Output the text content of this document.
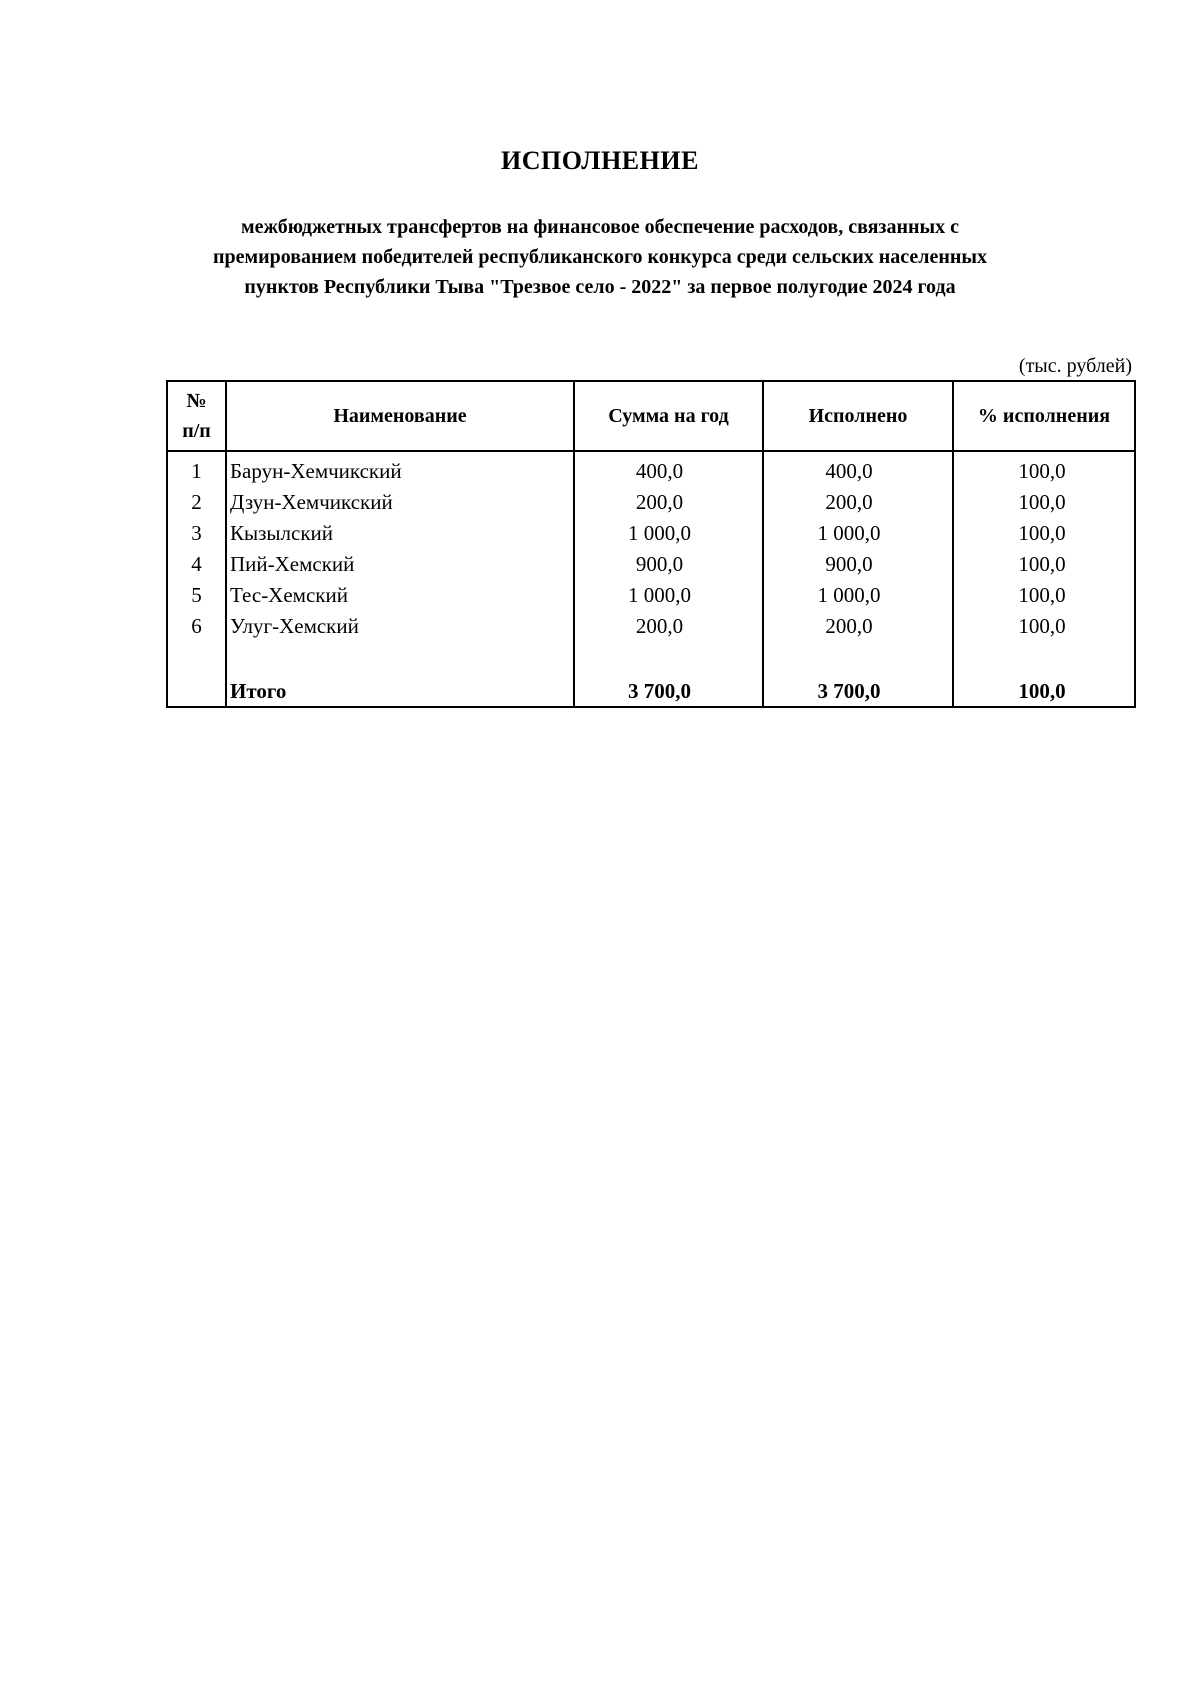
ИСПОЛНЕНИЕ
межбюджетных трансфертов на финансовое обеспечение расходов, связанных с
премированием победителей республиканского конкурса среди сельских населенных
пунктов Республики Тыва "Трезвое село - 2022" за первое полугодие 2024 года
(тыс. рублей)
№
п/п	Наименование	Сумма на год	Исполнено	% исполнения
1	Барун-Хемчикский	400,0	400,0	100,0
2	Дзун-Хемчикский	200,0	200,0	100,0
3	Кызылский	1 000,0	1 000,0	100,0
4	Пий-Хемский	900,0	900,0	100,0
5	Тес-Хемский	1 000,0	1 000,0	100,0
6	Улуг-Хемский	200,0	200,0	100,0

	Итого	3 700,0	3 700,0	100,0
